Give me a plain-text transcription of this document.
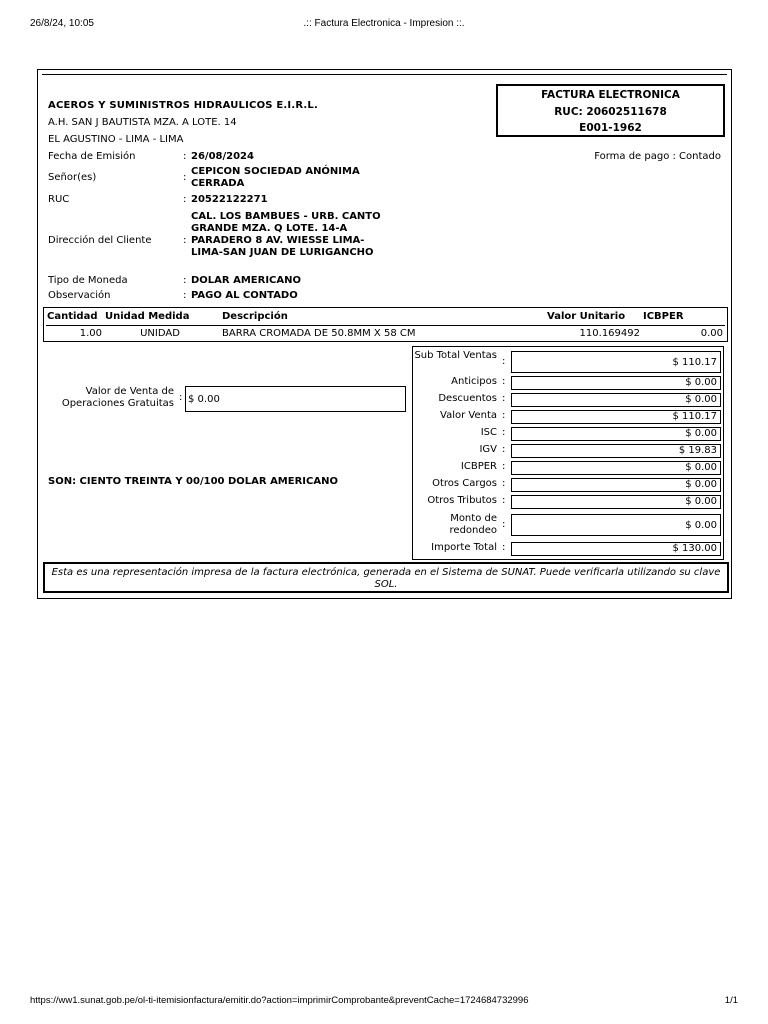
26/8/24, 10:05	.:: Factura Electronica - Impresion ::.
ACEROS Y SUMINISTROS HIDRAULICOS E.I.R.L.
A.H. SAN J BAUTISTA MZA. A LOTE. 14
EL AGUSTINO - LIMA - LIMA
FACTURA ELECTRONICA
RUC: 20602511678
E001-1962
Fecha de Emisión	: 26/08/2024	Forma de pago : Contado
Señor(es)	:
CEPICON SOCIEDAD ANÓNIMA CERRADA
RUC	: 20522122271
Dirección del Cliente	:
CAL. LOS BAMBUES - URB. CANTO GRANDE MZA. Q LOTE. 14-A PARADERO 8 AV. WIESSE LIMA-LIMA-SAN JUAN DE LURIGANCHO
Tipo de Moneda	: DOLAR AMERICANO
Observación	: PAGO AL CONTADO
Cantidad Unidad Medida	Descripción	Valor Unitario ICBPER
1.00	UNIDAD	BARRA CROMADA DE 50.8MM X 58 CM	110.169492	0.00
Valor de Venta de Operaciones Gratuitas
: $ 0.00
SON: CIENTO TREINTA Y 00/100 DOLAR AMERICANO
Sub Total Ventas
:	$ 110.17
Anticipos :	$ 0.00
Descuentos :	$ 0.00
Valor Venta :	$ 110.17
ISC :	$ 0.00
IGV :	$ 19.83
ICBPER :	$ 0.00
Otros Cargos :	$ 0.00
Otros Tributos :	$ 0.00
Monto de redondeo
:	$ 0.00
Importe Total :	$ 130.00
Esta es una representación impresa de la factura electrónica, generada en el Sistema de SUNAT. Puede verificarla utilizando su clave SOL.
https://ww1.sunat.gob.pe/ol-ti-itemisionfactura/emitir.do?action=imprimirComprobante&preventCache=1724684732996	1/1
